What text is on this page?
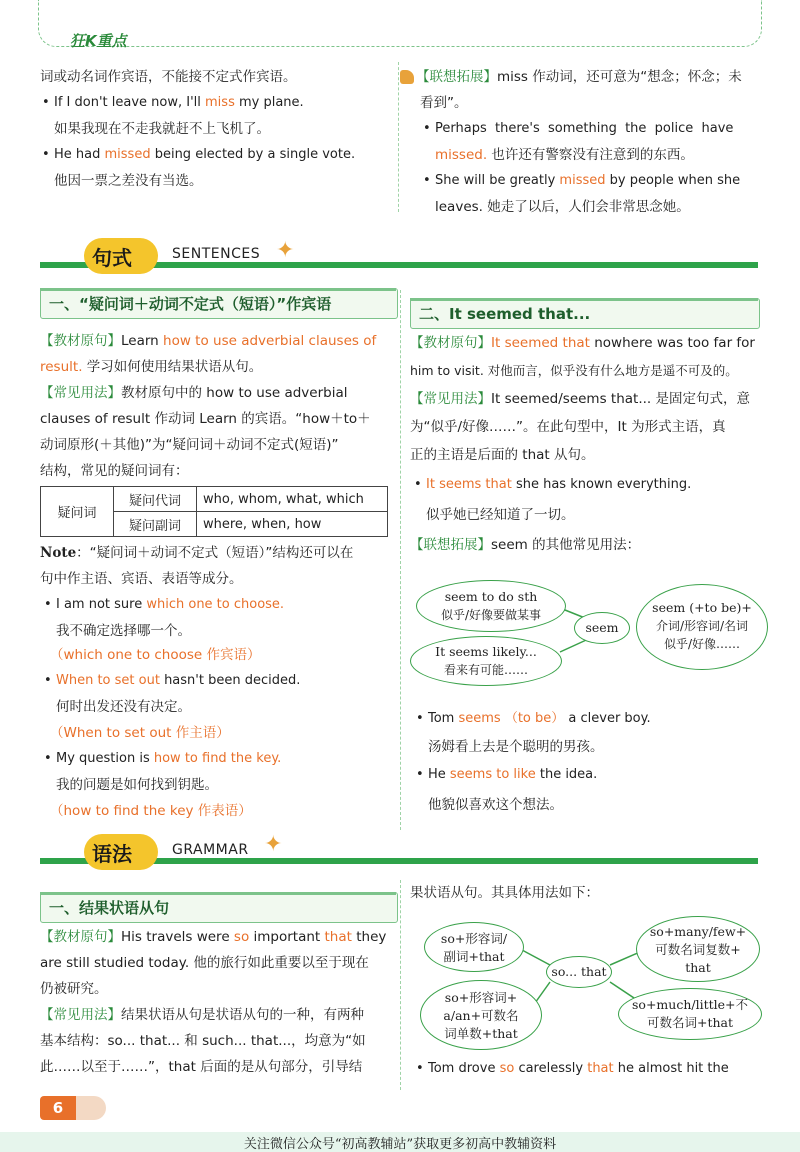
狂K重点
词或动名词作宾语，不能接不定式作宾语。
• If I don't leave now, I'll miss my plane.
如果我现在不走我就赶不上飞机了。
• He had missed being elected by a single vote.
他因一票之差没有当选。
【联想拓展】miss 作动词，还可意为“想念；怀念；未
看到”。
• Perhaps  there's  something  the  police  have
missed. 也许还有警察没有注意到的东西。
• She will be greatly missed by people when she
leaves. 她走了以后，人们会非常思念她。
句式	SENTENCES ✦
一、“疑问词＋动词不定式（短语）”作宾语
【教材原句】Learn how to use adverbial clauses of
result. 学习如何使用结果状语从句。
【常见用法】教材原句中的 how to use adverbial
clauses of result 作动词 Learn 的宾语。“how＋to＋
动词原形(＋其他)”为“疑问词＋动词不定式(短语)”
结构，常见的疑问词有：
疑问词	疑问代词	who, whom, what, which
	疑问副词	where, when, how
Note：“疑问词＋动词不定式（短语）”结构还可以在
句中作主语、宾语、表语等成分。
• I am not sure which one to choose.
我不确定选择哪一个。
（which one to choose 作宾语）
• When to set out hasn't been decided.
何时出发还没有决定。
（When to set out 作主语）
• My question is how to find the key.
我的问题是如何找到钥匙。
（how to find the key 作表语）
二、It seemed that...
【教材原句】It seemed that nowhere was too far for
him to visit. 对他而言，似乎没有什么地方是遥不可及的。
【常见用法】It seemed/seems that... 是固定句式，意
为“似乎/好像……”。在此句型中，It 为形式主语，真
正的主语是后面的 that 从句。
• It seems that she has known everything.
似乎她已经知道了一切。
【联想拓展】seem 的其他常见用法：
seem to do sth
似乎/好像要做某事
It seems likely...
看来有可能……
seem
seem (+to be)+
介词/形容词/名词
似乎/好像……
• Tom seems （to be） a clever boy.
汤姆看上去是个聪明的男孩。
• He seems to like the idea.
他貌似喜欢这个想法。
语法	GRAMMAR ✦
一、结果状语从句
【教材原句】His travels were so important that they
are still studied today. 他的旅行如此重要以至于现在
仍被研究。
【常见用法】结果状语从句是状语从句的一种，有两种
基本结构：so... that... 和 such... that...，均意为“如
此……以至于……”，that 后面的是从句部分，引导结
果状语从句。其具体用法如下：
so+形容词/
副词+that
so+形容词+
a/an+可数名
词单数+that
so... that
so+many/few+
可数名词复数+
that
so+much/little+不
可数名词+that
• Tom drove so carelessly that he almost hit the
6
关注微信公众号“初高教辅站”获取更多初高中教辅资料
